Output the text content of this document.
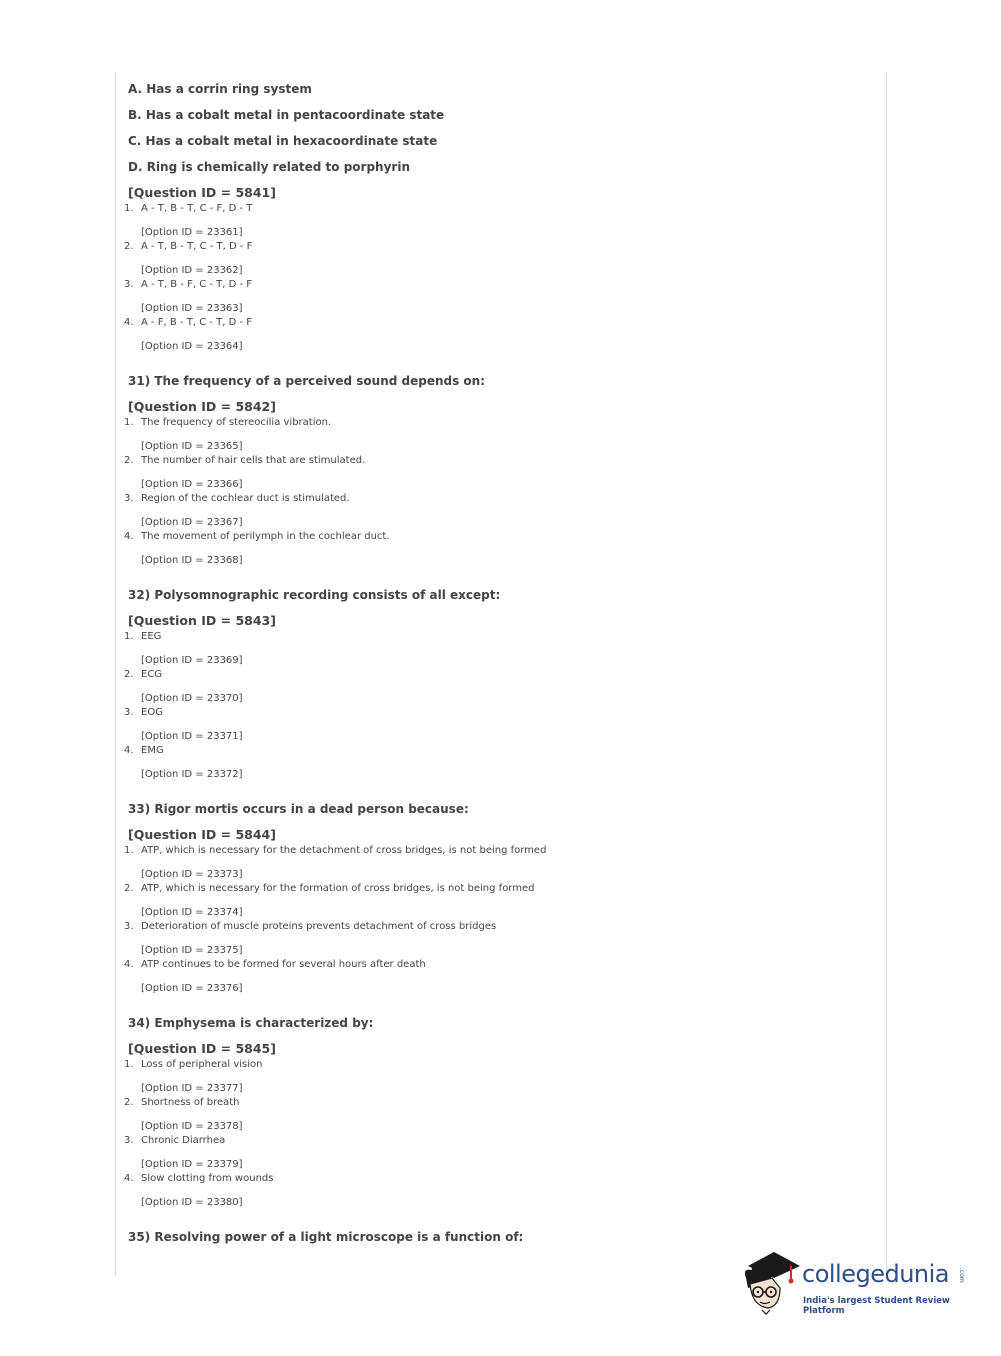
A. Has a corrin ring system
B. Has a cobalt metal in pentacoordinate state
C. Has a cobalt metal in hexacoordinate state
D. Ring is chemically related to porphyrin
[Question ID = 5841]
1. A - T, B - T, C - F, D - T
[Option ID = 23361]
2. A - T, B - T, C - T, D - F
[Option ID = 23362]
3. A - T, B - F, C - T, D - F
[Option ID = 23363]
4. A - F, B - T, C - T, D - F
[Option ID = 23364]
31) The frequency of a perceived sound depends on:
[Question ID = 5842]
1. The frequency of stereocilia vibration.
[Option ID = 23365]
2. The number of hair cells that are stimulated.
[Option ID = 23366]
3. Region of the cochlear duct is stimulated.
[Option ID = 23367]
4. The movement of perilymph in the cochlear duct.
[Option ID = 23368]
32) Polysomnographic recording consists of all except:
[Question ID = 5843]
1. EEG
[Option ID = 23369]
2. ECG
[Option ID = 23370]
3. EOG
[Option ID = 23371]
4. EMG
[Option ID = 23372]
33) Rigor mortis occurs in a dead person because:
[Question ID = 5844]
1. ATP, which is necessary for the detachment of cross bridges, is not being formed
[Option ID = 23373]
2. ATP, which is necessary for the formation of cross bridges, is not being formed
[Option ID = 23374]
3. Deterioration of muscle proteins prevents detachment of cross bridges
[Option ID = 23375]
4. ATP continues to be formed for several hours after death
[Option ID = 23376]
34) Emphysema is characterized by:
[Question ID = 5845]
1. Loss of peripheral vision
[Option ID = 23377]
2. Shortness of breath
[Option ID = 23378]
3. Chronic Diarrhea
[Option ID = 23379]
4. Slow clotting from wounds
[Option ID = 23380]
35) Resolving power of a light microscope is a function of:
collegedunia .com
India's largest Student Review Platform
